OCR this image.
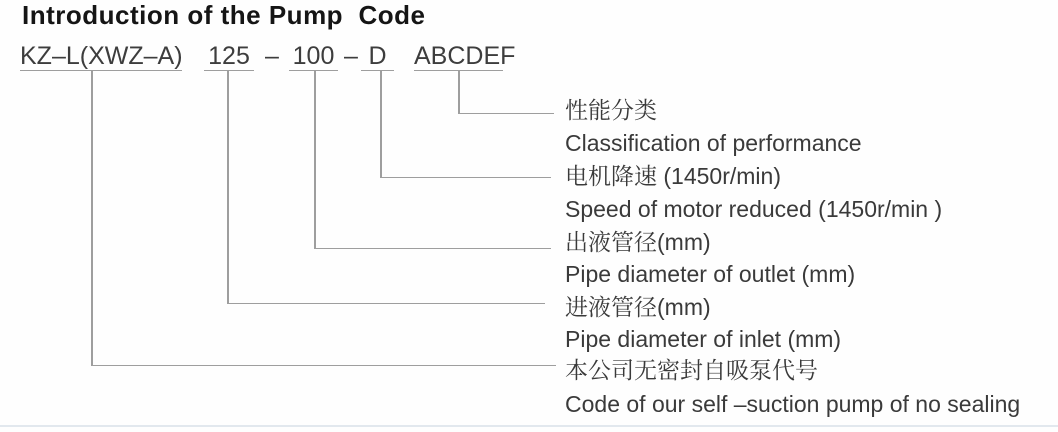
Introduction of the Pump  Code
KZ–L(XWZ–A) 125 – 100 – D ABCDEF
性能分类
Classification of performance
电机降速 (1450r/min)
Speed of motor reduced (1450r/min )
出液管径(mm)
Pipe diameter of outlet (mm)
进液管径(mm)
Pipe diameter of inlet (mm)
本公司无密封自吸泵代号
Code of our self –suction pump of no sealing
